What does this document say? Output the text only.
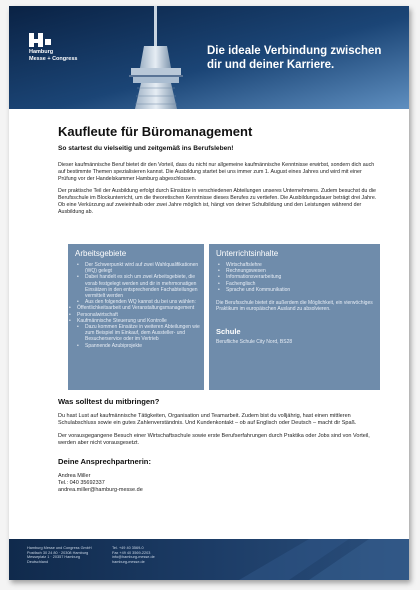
Hamburg
Messe + Congress
Die ideale Verbindung zwischen
dir und deiner Karriere.
Kaufleute für Büromanagement
So startest du vielseitig und zeitgemäß ins Berufsleben!

Dieser kaufmännische Beruf bietet dir den Vorteil, dass du nicht nur allgemeine kaufmännische Kenntnisse erwirbst, sondern dich auch auf bestimmte Themen spezialisieren kannst. Die Ausbildung startet bei uns immer zum 1. August eines Jahres und wird mit einer Prüfung vor der Handelskammer Hamburg abgeschlossen.

Der praktische Teil der Ausbildung erfolgt durch Einsätze in verschiedenen Abteilungen unseres Unternehmens. Zudem besuchst du die Berufsschule im Blockunterricht, um die theoretischen Kenntnisse dieses Berufes zu vertiefen. Die Ausbildungsdauer beträgt drei Jahre. Ob eine Verkürzung auf zweieinhalb oder zwei Jahre möglich ist, hängt von deiner Schulbildung und den Leistungen während der Ausbildung ab.

Arbeitsgebiete
• Der Schwerpunkt wird auf zwei Wahlqualifikationen (WQ) gelegt
• Dabei handelt es sich um zwei Arbeitsgebiete, die vorab festgelegt werden und dir in mehrmonatigen Einsätzen in den entsprechenden Fachabteilungen vermittelt werden
• Aus den folgenden WQ kannst du bei uns wählen:
• Öffentlichkeitsarbeit und Veranstaltungsmanagement
• Personalwirtschaft
• Kaufmännische Steuerung und Kontrolle
• Dazu kommen Einsätze in weiteren Abteilungen wie zum Beispiel im Einkauf, dem Aussteller- und Besucherservice oder im Vertrieb
• Spannende Azubiprojekte
Unterrichtsinhalte
• Wirtschaftslehre
• Rechnungswesen
• Informationsverarbeitung
• Fachenglisch
• Sprache und Kommunikation
Die Berufsschule bietet dir außerdem die Möglichkeit, ein vierwöchiges Praktikum im europäischen Ausland zu absolvieren.
Schule
Berufliche Schule City Nord, BS28
Was solltest du mitbringen?

Du hast Lust auf kaufmännische Tätigkeiten, Organisation und Teamarbeit. Zudem bist du volljährig, hast einen mittleren Schulabschluss sowie ein gutes Zahlenverständnis. Und Kundenkontakt – ob auf Englisch oder Deutsch – macht dir Spaß.

Der vorausgegangene Besuch einer Wirtschaftsschule sowie erste Berufserfahrungen durch Praktika oder Jobs sind von Vorteil, werden aber nicht vorausgesetzt.

Deine Ansprechpartnerin:

Andrea Miller

Tel.: 040 35692337

andrea.miller@hamburg-messe.de

Hamburg Messe und Congress GmbH
Postfach 30 24 80 · 20308 Hamburg
Messeplatz 1 · 20357 Hamburg
Deutschland
Tel. +49 40 3569-0
Fax +49 40 3569-2203
info@hamburg-messe.de
hamburg-messe.de
